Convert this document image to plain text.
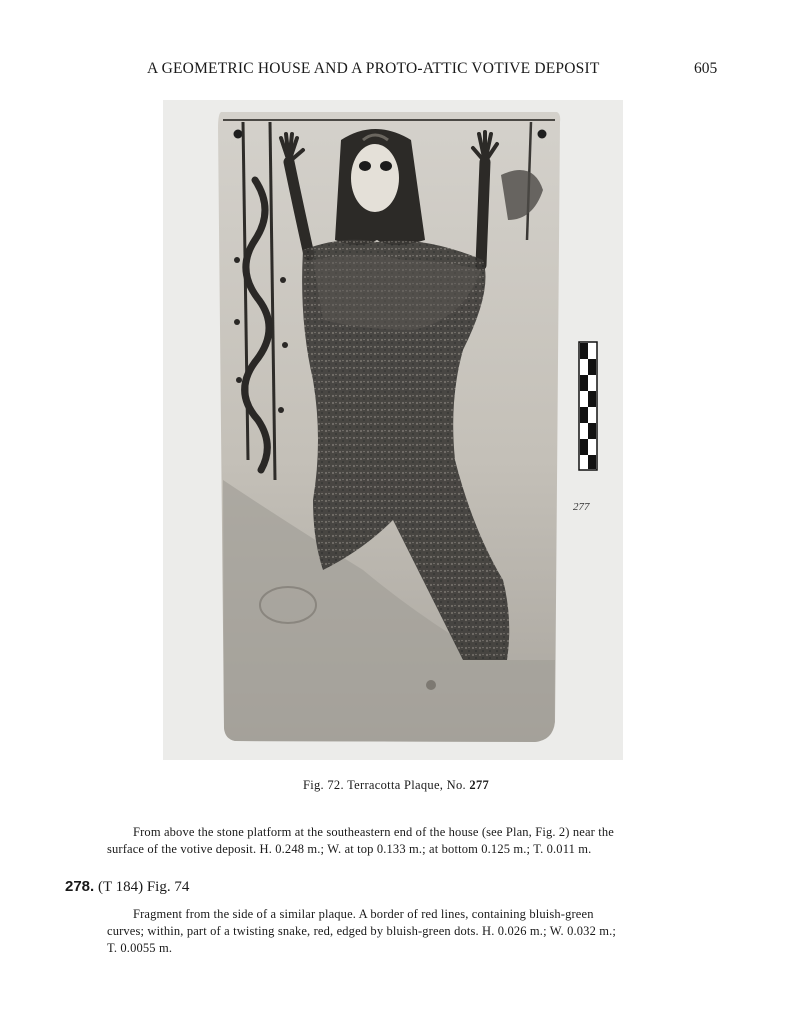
A GEOMETRIC HOUSE AND A PROTO-ATTIC VOTIVE DEPOSIT	605
277
Fig. 72. Terracotta Plaque, No. 277
From above the stone platform at the southeastern end of the house (see Plan, Fig. 2) near the
surface of the votive deposit. H. 0.248 m.; W. at top 0.133 m.; at bottom 0.125 m.; T. 0.011 m.
278. (T 184) Fig. 74
Fragment from the side of a similar plaque. A border of red lines, containing bluish-green
curves; within, part of a twisting snake, red, edged by bluish-green dots. H. 0.026 m.; W. 0.032 m.;
T. 0.0055 m.
